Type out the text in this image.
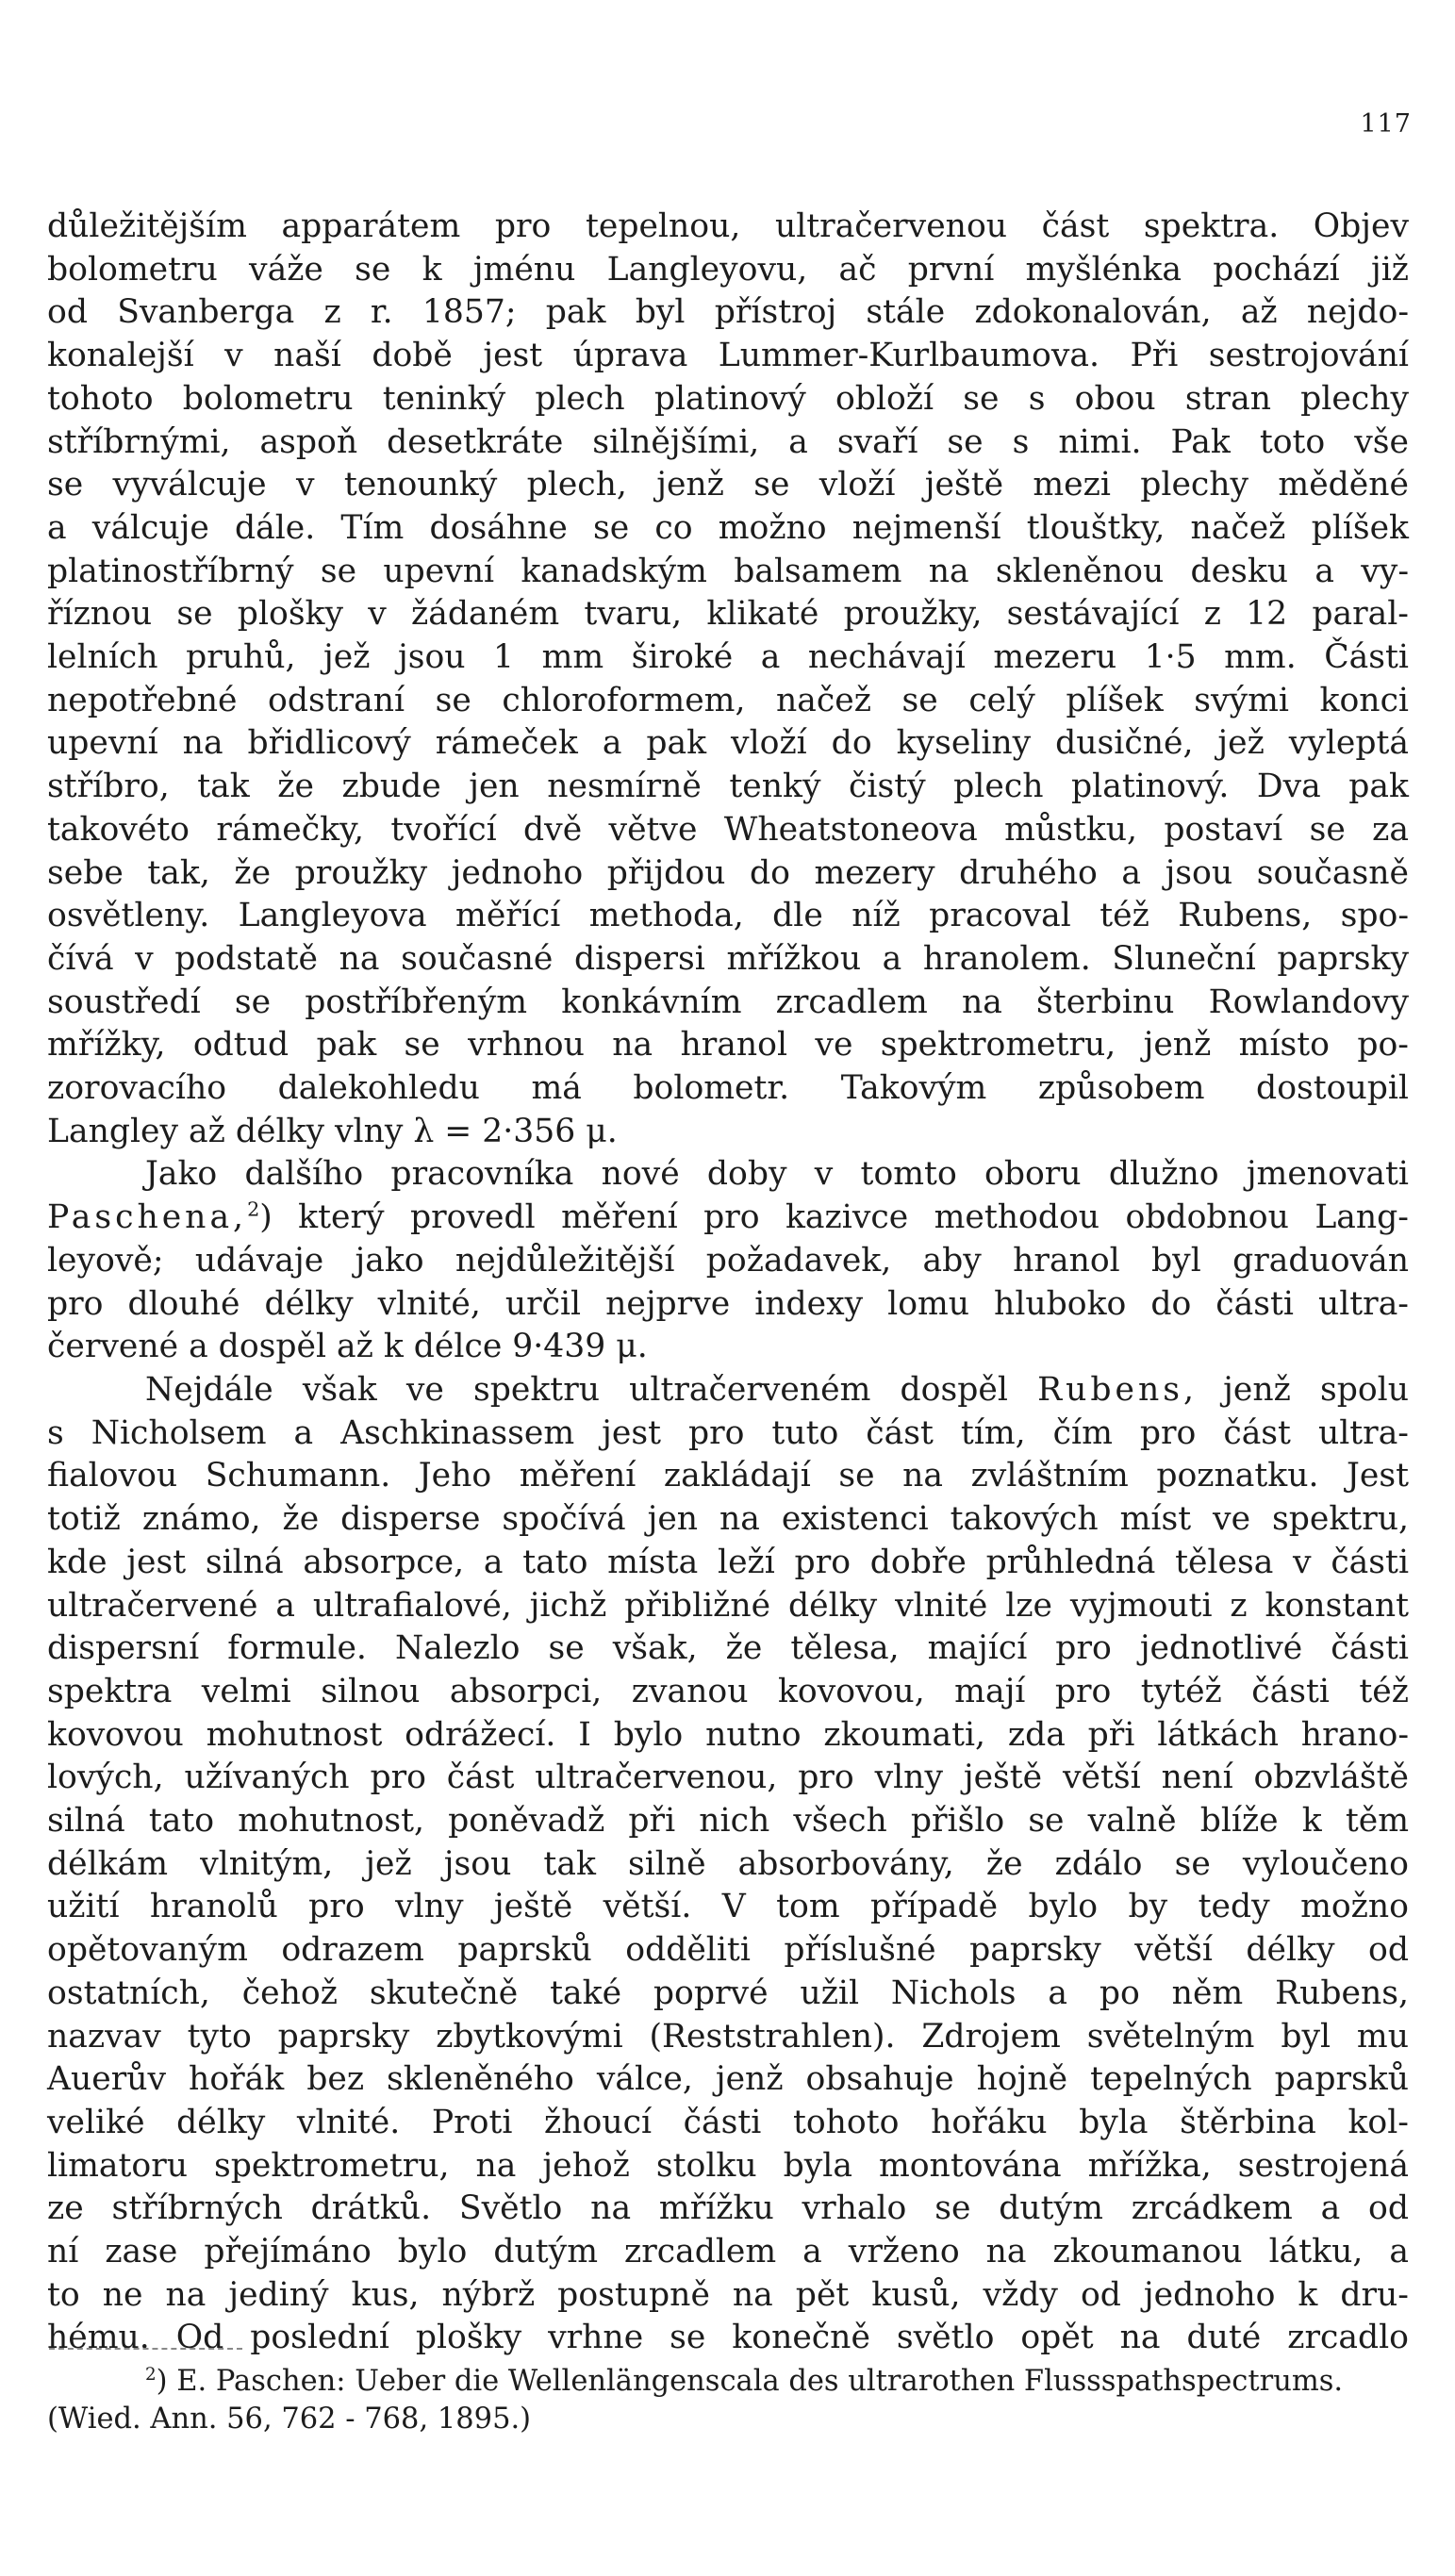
117
důležitějším apparátem pro tepelnou, ultračervenou část spektra. Objev
bolometru váže se k jménu Langleyovu, ač první myšlénka pochází již
od Svanberga z r. 1857; pak byl přístroj stále zdokonalován, až nejdo-
konalejší v naší době jest úprava Lummer-Kurlbaumova. Při sestrojování
tohoto bolometru teninký plech platinový obloží se s obou stran plechy
stříbrnými, aspoň desetkráte silnějšími, a svaří se s nimi. Pak toto vše
se vyválcuje v tenounký plech, jenž se vloží ještě mezi plechy měděné
a válcuje dále. Tím dosáhne se co možno nejmenší tlouštky, načež plíšek
platinostříbrný se upevní kanadským balsamem na skleněnou desku a vy-
říznou se plošky v žádaném tvaru, klikaté proužky, sestávající z 12 paral-
lelních pruhů, jež jsou 1 mm široké a nechávají mezeru 1·5 mm. Části
nepotřebné odstraní se chloroformem, načež se celý plíšek svými konci
upevní na břidlicový rámeček a pak vloží do kyseliny dusičné, jež vyleptá
stříbro, tak že zbude jen nesmírně tenký čistý plech platinový. Dva pak
takovéto rámečky, tvořící dvě větve Wheatstoneova můstku, postaví se za
sebe tak, že proužky jednoho přijdou do mezery druhého a jsou současně
osvětleny. Langleyova měřící methoda, dle níž pracoval též Rubens, spo-
čívá v podstatě na současné dispersi mřížkou a hranolem. Sluneční paprsky
soustředí se postříbřeným konkávním zrcadlem na šterbinu Rowlandovy
mřížky, odtud pak se vrhnou na hranol ve spektrometru, jenž místo po-
zorovacího dalekohledu má bolometr. Takovým způsobem dostoupil
Langley až délky vlny λ = 2·356 μ.
Jako dalšího pracovníka nové doby v tomto oboru dlužno jmenovati
Paschena,$^2$) který provedl měření pro kazivce methodou obdobnou Lang-
leyově; udávaje jako nejdůležitější požadavek, aby hranol byl graduován
pro dlouhé délky vlnité, určil nejprve indexy lomu hluboko do části ultra-
červené a dospěl až k délce 9·439 μ.
Nejdále však ve spektru ultračerveném dospěl Rubens, jenž spolu
s Nicholsem a Aschkinassem jest pro tuto část tím, čím pro část ultra-
fialovou Schumann. Jeho měření zakládají se na zvláštním poznatku. Jest
totiž známo, že disperse spočívá jen na existenci takových míst ve spektru,
kde jest silná absorpce, a tato místa leží pro dobře průhledná tělesa v části
ultračervené a ultrafialové, jichž přibližné délky vlnité lze vyjmouti z konstant
dispersní formule. Nalezlo se však, že tělesa, mající pro jednotlivé části
spektra velmi silnou absorpci, zvanou kovovou, mají pro tytéž části též
kovovou mohutnost odrážecí. I bylo nutno zkoumati, zda při látkách hrano-
lových, užívaných pro část ultračervenou, pro vlny ještě větší není obzvláště
silná tato mohutnost, poněvadž při nich všech přišlo se valně blíže k těm
délkám vlnitým, jež jsou tak silně absorbovány, že zdálo se vyloučeno
užití hranolů pro vlny ještě větší. V tom případě bylo by tedy možno
opětovaným odrazem paprsků odděliti příslušné paprsky větší délky od
ostatních, čehož skutečně také poprvé užil Nichols a po něm Rubens,
nazvav tyto paprsky zbytkovými (Reststrahlen). Zdrojem světelným byl mu
Auerův hořák bez skleněného válce, jenž obsahuje hojně tepelných paprsků
veliké délky vlnité. Proti žhoucí části tohoto hořáku byla štěrbina kol-
limatoru spektrometru, na jehož stolku byla montována mřížka, sestrojená
ze stříbrných drátků. Světlo na mřížku vrhalo se dutým zrcádkem a od
ní zase přejímáno bylo dutým zrcadlem a vrženo na zkoumanou látku, a
to ne na jediný kus, nýbrž postupně na pět kusů, vždy od jednoho k dru-
hému. Od poslední plošky vrhne se konečně světlo opět na duté zrcadlo
$^2$) E. Paschen: Ueber die Wellenlängenscala des ultrarothen Flussspathspectrums.
(Wied. Ann. 56, 762 - 768, 1895.)
